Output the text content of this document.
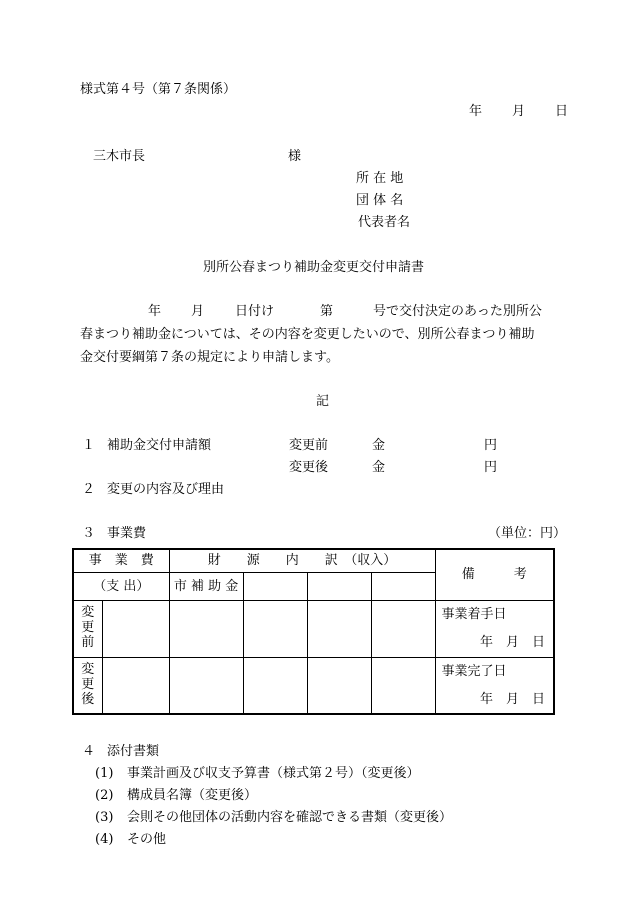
様式第４号（第７条関係）
年 月 日
三木市長	様
所 在 地
団 体 名
代表者名
別所公春まつり補助金変更交付申請書
年 月 日付け	第	号で交付決定のあった別所公
春まつり補助金については、その内容を変更したいので、別所公春まつり補助
金交付要綱第７条の規定により申請します。
記
１ 補助金交付申請額	変更前	金	円
変更後	金	円
２ 変更の内容及び理由
３ 事業費	（単位：円）
事　業　費		財　　源　　内　　訳　（収入）				備　　　考
（支 出）		市 補 助 金				

変
更
前						事業着手日
						年　月　日

変
更
後						事業完了日
						年　月　日
４ 添付書類
(1) 事業計画及び収支予算書（様式第２号）（変更後）
(2) 構成員名簿（変更後）
(3) 会則その他団体の活動内容を確認できる書類（変更後）
(4) その他
